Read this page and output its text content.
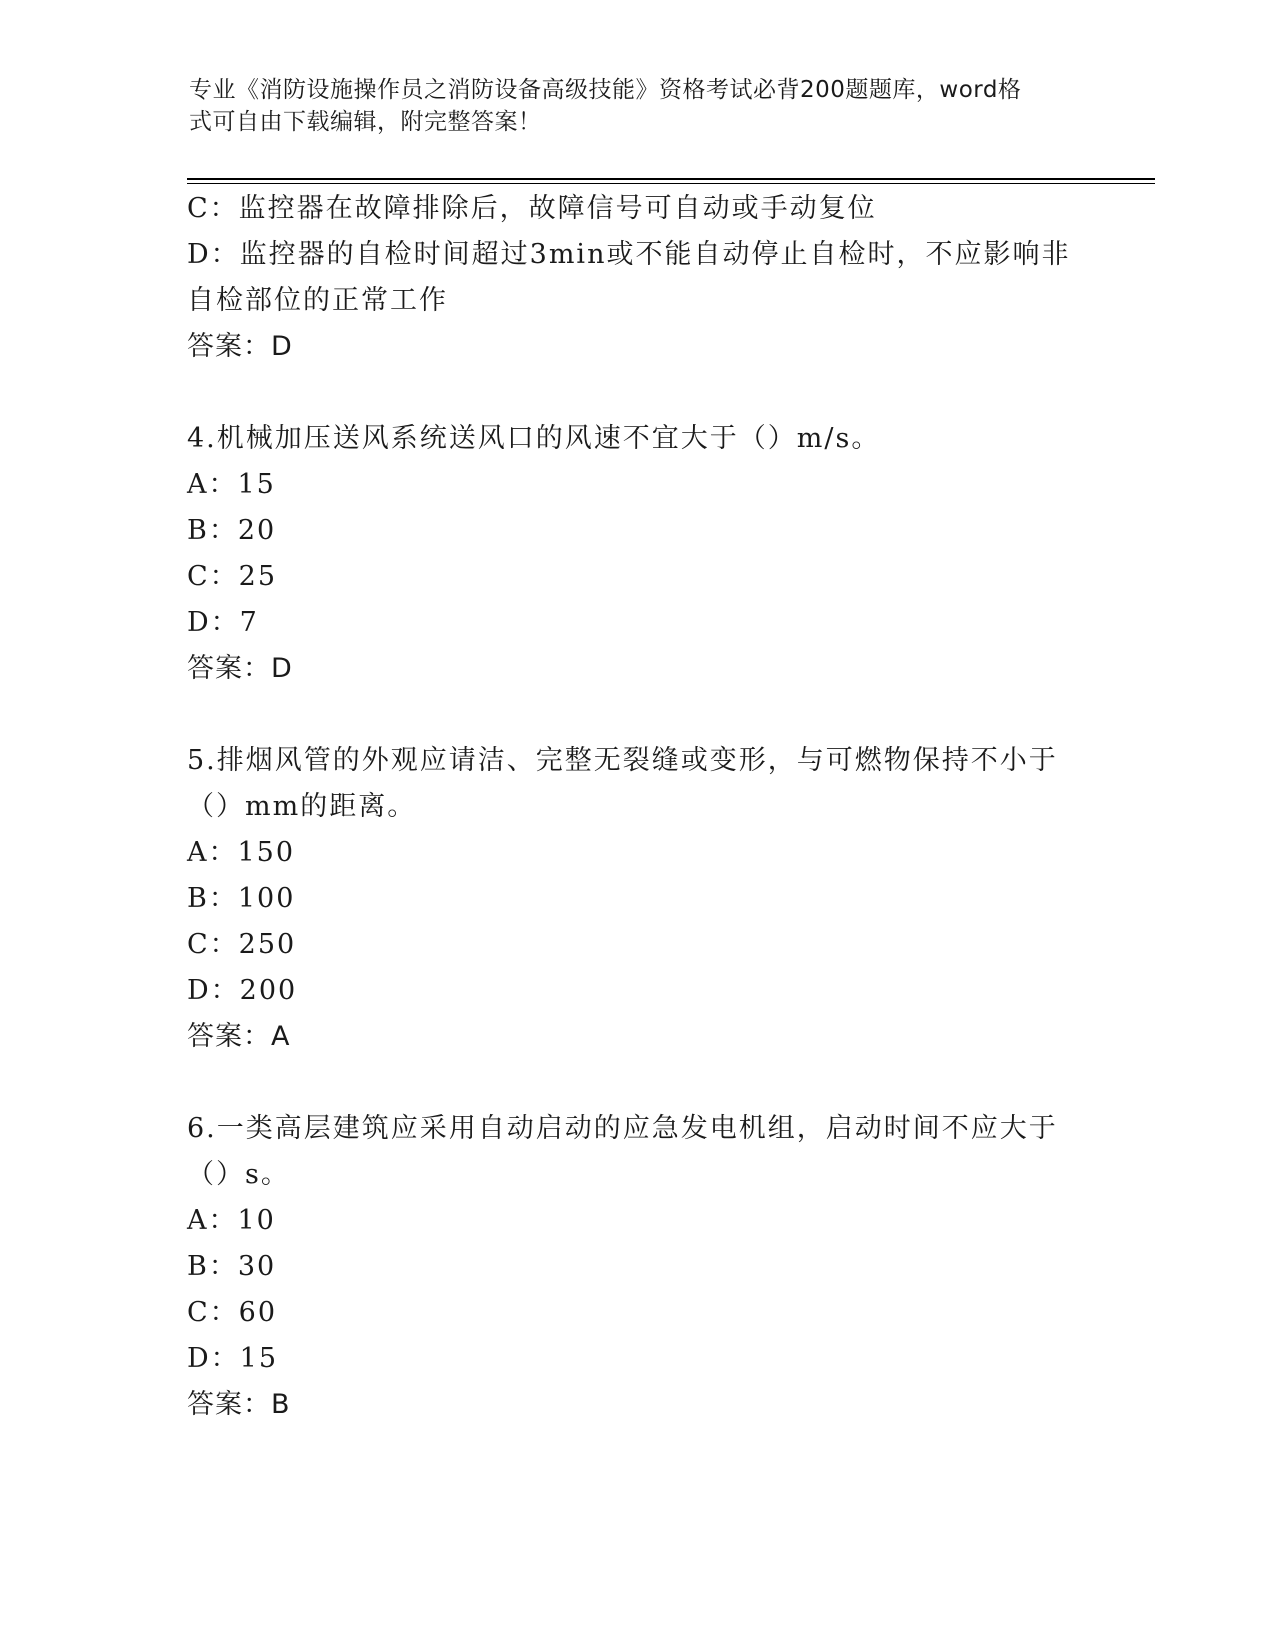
专业《消防设施操作员之消防设备高级技能》资格考试必背200题题库，word格
式可自由下载编辑，附完整答案！

C：监控器在故障排除后，故障信号可自动或手动复位

D：监控器的自检时间超过3min或不能自动停止自检时，不应影响非

自检部位的正常工作

答案：D

4.机械加压送风系统送风口的风速不宜大于（）m/s。

A：15

B：20

C：25

D：7

答案：D

5.排烟风管的外观应请洁、完整无裂缝或变形，与可燃物保持不小于

（）mm的距离。

A：150

B：100

C：250

D：200

答案：A

6.一类高层建筑应采用自动启动的应急发电机组，启动时间不应大于

（）s。

A：10

B：30

C：60

D：15

答案：B
